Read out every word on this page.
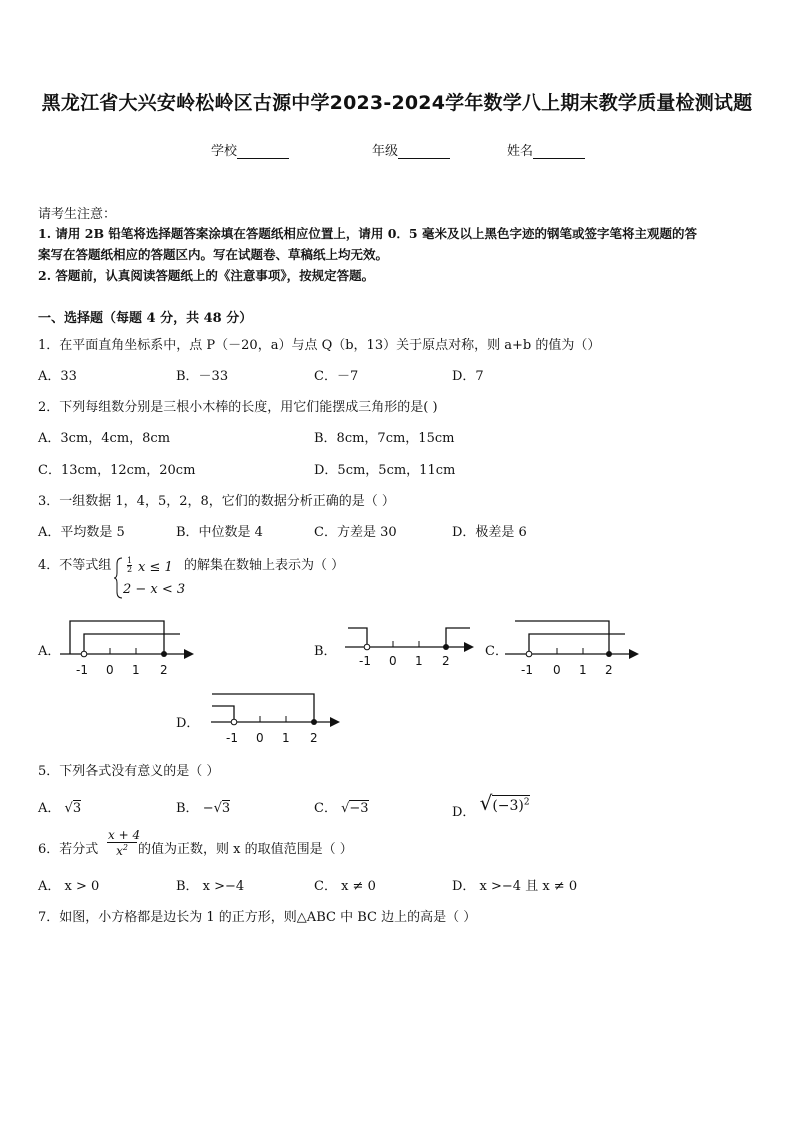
黑龙江省大兴安岭松岭区古源中学2023-2024学年数学八上期末教学质量检测试题
学校	年级	姓名
请考生注意：
1. 请用 2B 铅笔将选择题答案涂填在答题纸相应位置上，请用 0．5 毫米及以上黑色字迹的钢笔或签字笔将主观题的答
案写在答题纸相应的答题区内。写在试题卷、草稿纸上均无效。
2. 答题前，认真阅读答题纸上的《注意事项》，按规定答题。
一、选择题（每题 4 分，共 48 分）
1．在平面直角坐标系中，点 P（－20，a）与点 Q（b，13）关于原点对称，则 a+b 的值为（）
A．33	B．－33	C．－7	D．7
2．下列每组数分别是三根小木棒的长度，用它们能摆成三角形的是( )
A．3cm，4cm，8cm	B．8cm，7cm，15cm
C．13cm，12cm，20cm	D．5cm，5cm，11cm
3．一组数据 1，4，5，2，8，它们的数据分析正确的是（ ）
A．平均数是 5	B．中位数是 4	C．方差是 30	D．极差是 6
4．不等式组 $\frac{1}{2}$ x ≤ 1
2 − x < 3
的解集在数轴上表示为（ ）
A．
-1 0 1 2
B．
-1 0 1 2
C．
-1 0 1 2
D．
-1 0 1 2
5．下列各式没有意义的是（ ）
A． √3	B． −√3	C． √−3	D． $√(-3)^2$
6．若分式 $\frac{x + 4}{x^2}$ 的值为正数，则 x 的取值范围是（ ）
A． x > 0	B． x >−4	C． x ≠ 0	D． x >−4 且 x ≠ 0
7．如图，小方格都是边长为 1 的正方形，则△ABC 中 BC 边上的高是（ ）
